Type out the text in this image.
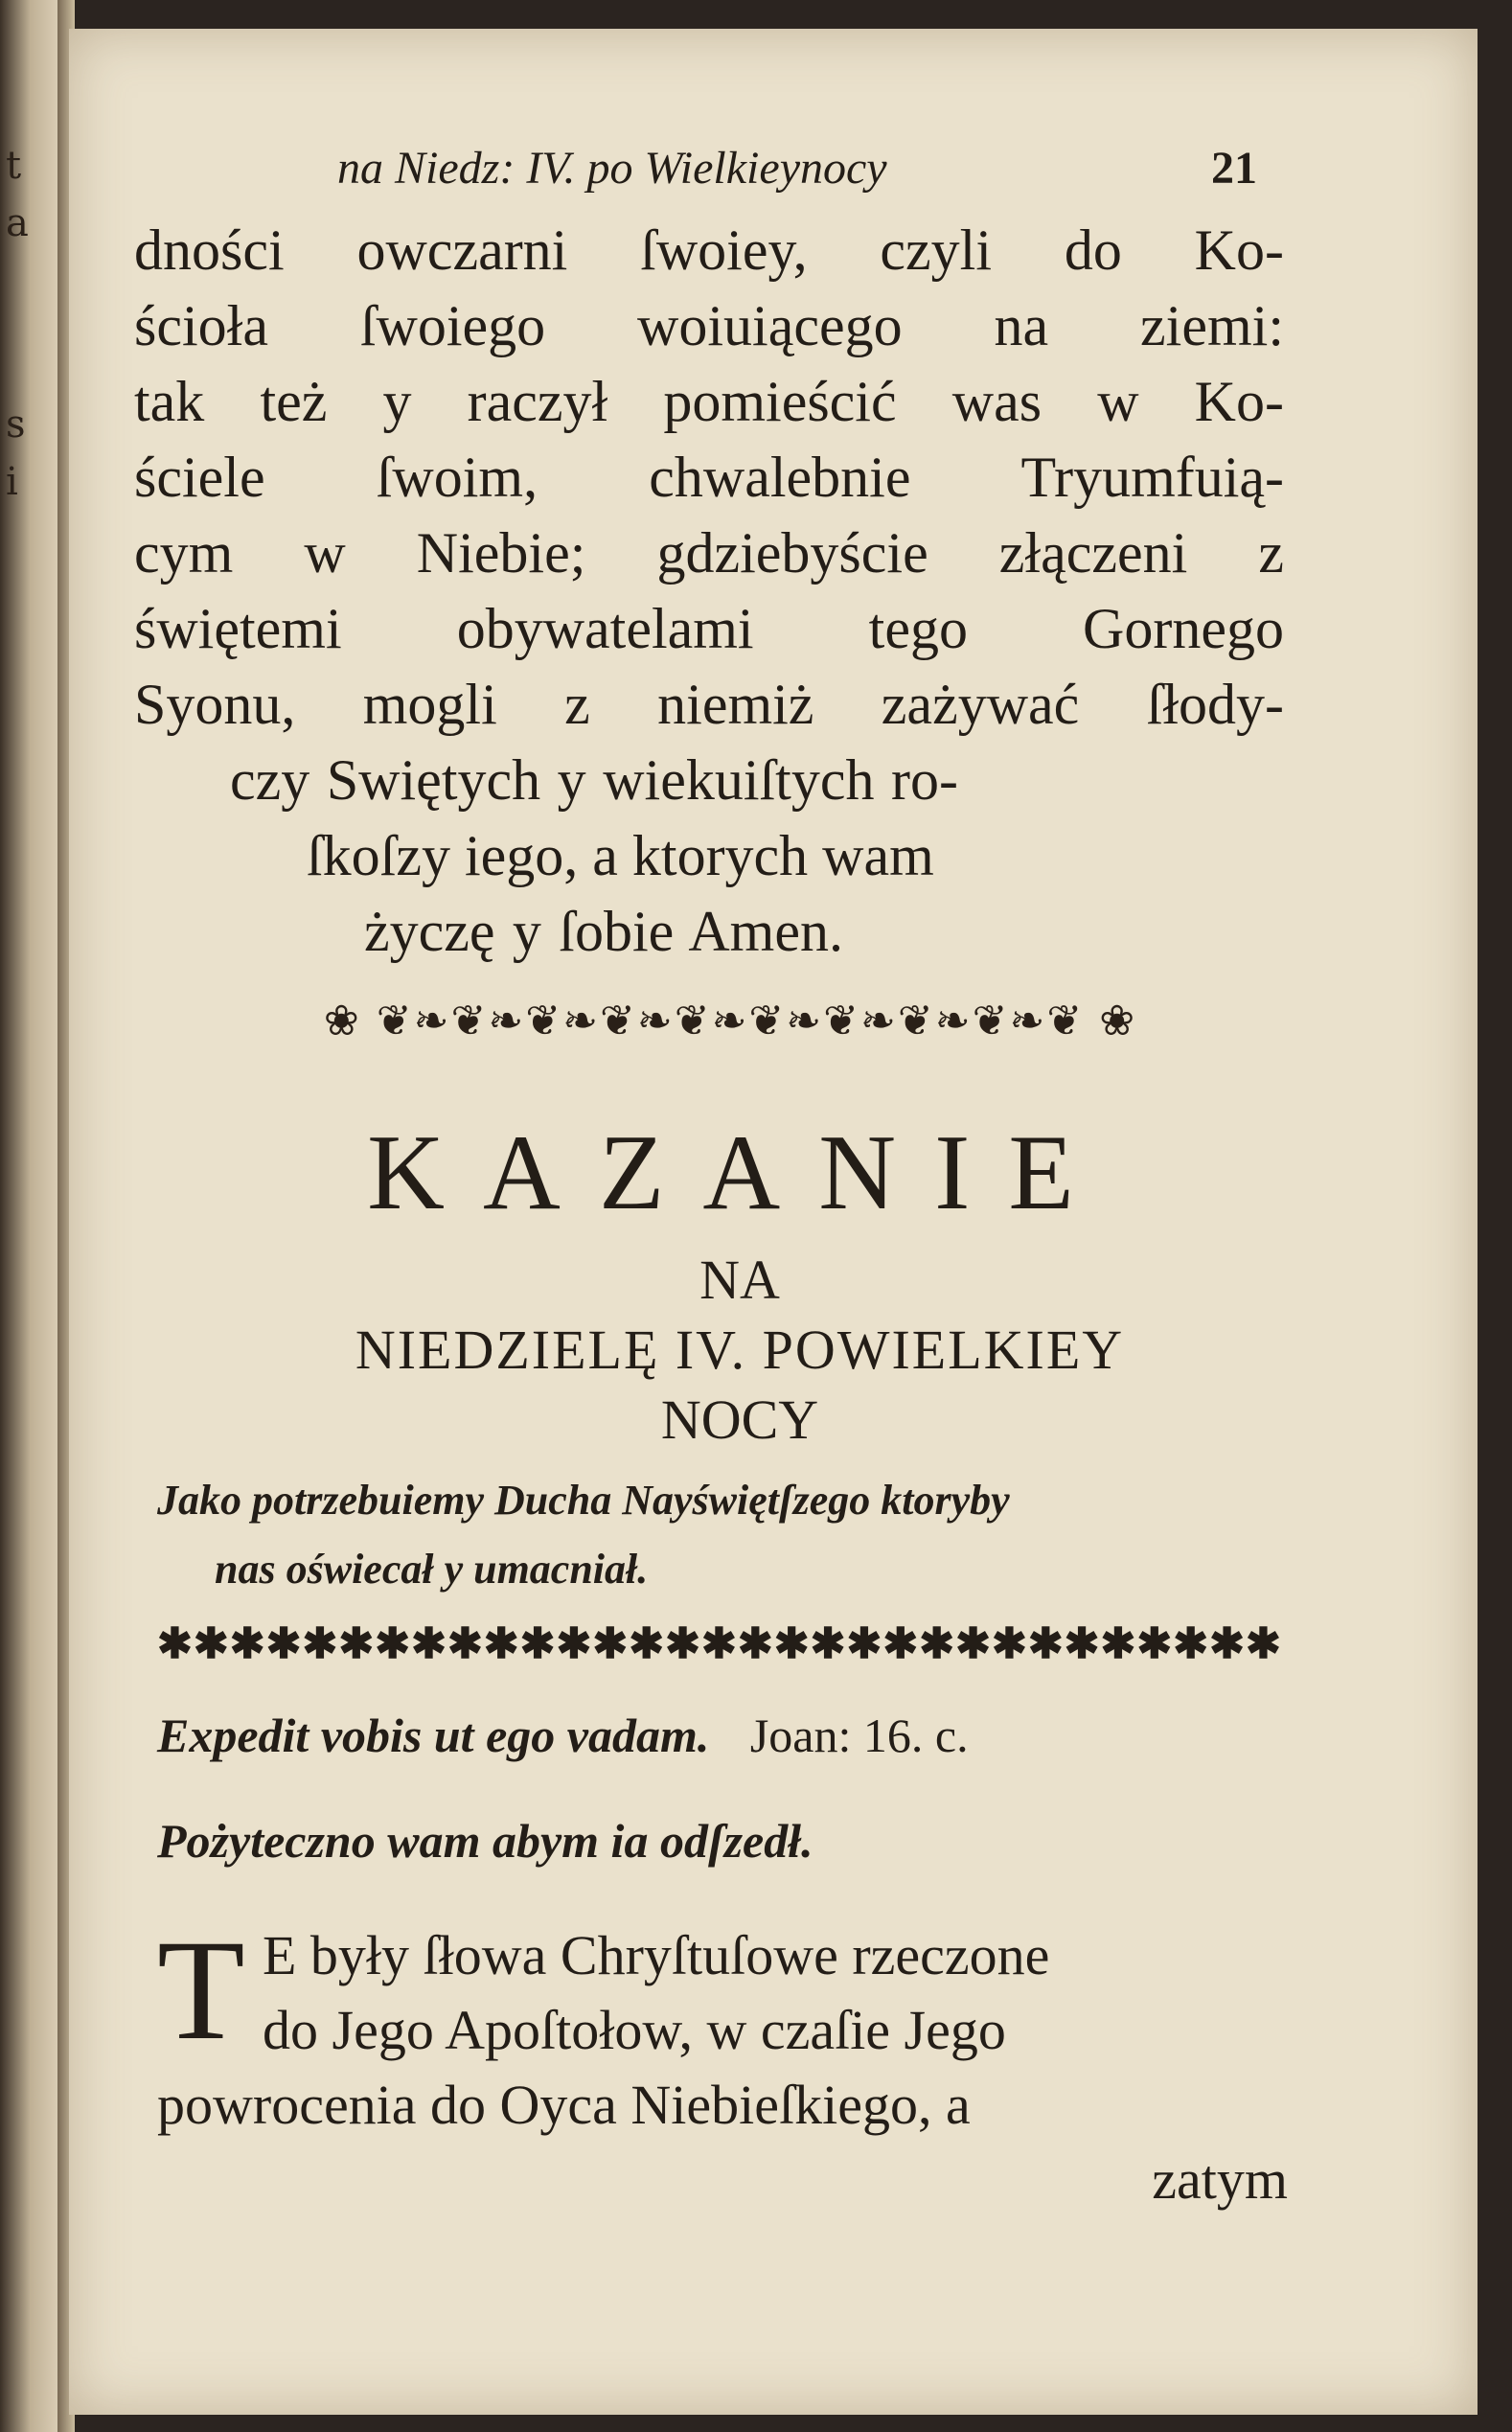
t
a
s
i
na Niedz: IV. po Wielkieynocy	21
dności owczarni ſwoiey, czyli do Ko-
ścioła ſwoiego woiuiącego na ziemi:
tak też y raczył pomieścić was w Ko-
ściele ſwoim, chwalebnie Tryumfuią-
cym w Niebie; gdziebyście złączeni z
świętemi obywatelami tego Gornego
Syonu, mogli z niemiż zażywać ſłody-
czy Swiętych y wiekuiſtych ro-
ſkoſzy iego, a ktorych wam
życzę y ſobie Amen.
❀ ❦❧❦❧❦❧❦❧❦❧❦❧❦❧❦❧❦❧❦ ❀
KAZANIE
NA
NIEDZIELĘ IV. POWIELKIEY
NOCY
Jako potrzebuiemy Ducha Nayświętſzego ktoryby
nas oświecał y umacniał.
✱✱✱✱✱✱✱✱✱✱✱✱✱✱✱✱✱✱✱✱✱✱✱✱✱✱✱✱✱✱✱
Expedit vobis ut ego vadam. Joan: 16. c.
Pożyteczno wam abym ia odſzedł.
T E były ſłowa Chryſtuſowe rzeczone
do Jego Apoſtołow, w czaſie Jego
powrocenia do Oyca Niebieſkiego, a
zatym
